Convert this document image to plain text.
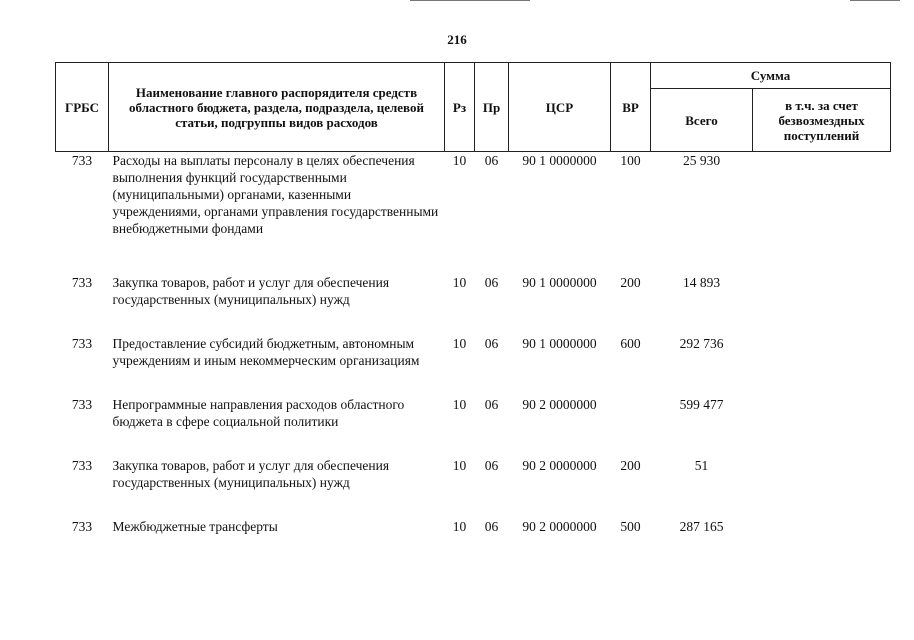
216
ГРБС	Наименование главного распорядителя средств областного бюджета, раздела, подраздела, целевой статьи, подгруппы видов расходов	Рз	Пр	ЦСР	ВР	Сумма	
						Всего	в т.ч. за счет безвозмездных поступлений
733	Расходы на выплаты персоналу в целях обеспечения выполнения функций государственными (муниципальными) органами, казенными учреждениями, органами управления государственными внебюджетными фондами	10	06	90 1 0000000	100	25 930	
733	Закупка товаров, работ и услуг для обеспечения государственных (муниципальных) нужд	10	06	90 1 0000000	200	14 893	
733	Предоставление субсидий бюджетным, автономным учреждениям и иным некоммерческим организациям	10	06	90 1 0000000	600	292 736	
733	Непрограммные направления расходов областного бюджета в сфере социальной политики	10	06	90 2 0000000		599 477	
733	Закупка товаров, работ и услуг для обеспечения государственных (муниципальных) нужд	10	06	90 2 0000000	200	51	
733	Межбюджетные трансферты	10	06	90 2 0000000	500	287 165	
